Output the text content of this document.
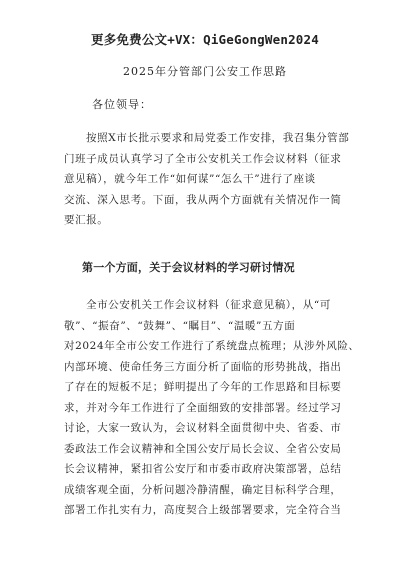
更多免费公文+VX：QiGeGongWen2024
2025年分管部门公安工作思路
各位领导：
按照X市长批示要求和局党委工作安排，我召集分管部
门班子成员认真学习了全市公安机关工作会议材料（征求
意见稿），就今年工作“如何谋”“怎么干”进行了座谈
交流、深入思考。下面，我从两个方面就有关情况作一简
要汇报。
第一个方面，关于会议材料的学习研讨情况
全市公安机关工作会议材料（征求意见稿），从“可
敬”、“振奋”、“鼓舞”、“瞩目”、“温暖”五方面
对2024年全市公安工作进行了系统盘点梳理；从涉外风险、
内部环境、使命任务三方面分析了面临的形势挑战，指出
了存在的短板不足；鲜明提出了今年的工作思路和目标要
求，并对今年工作进行了全面细致的安排部署。经过学习
讨论，大家一致认为，会议材料全面贯彻中央、省委、市
委政法工作会议精神和全国公安厅局长会议、全省公安局
长会议精神，紧扣省公安厅和市委市政府决策部署，总结
成绩客观全面，分析问题冷静清醒，确定目标科学合理，
部署工作扎实有力，高度契合上级部署要求，完全符合当
